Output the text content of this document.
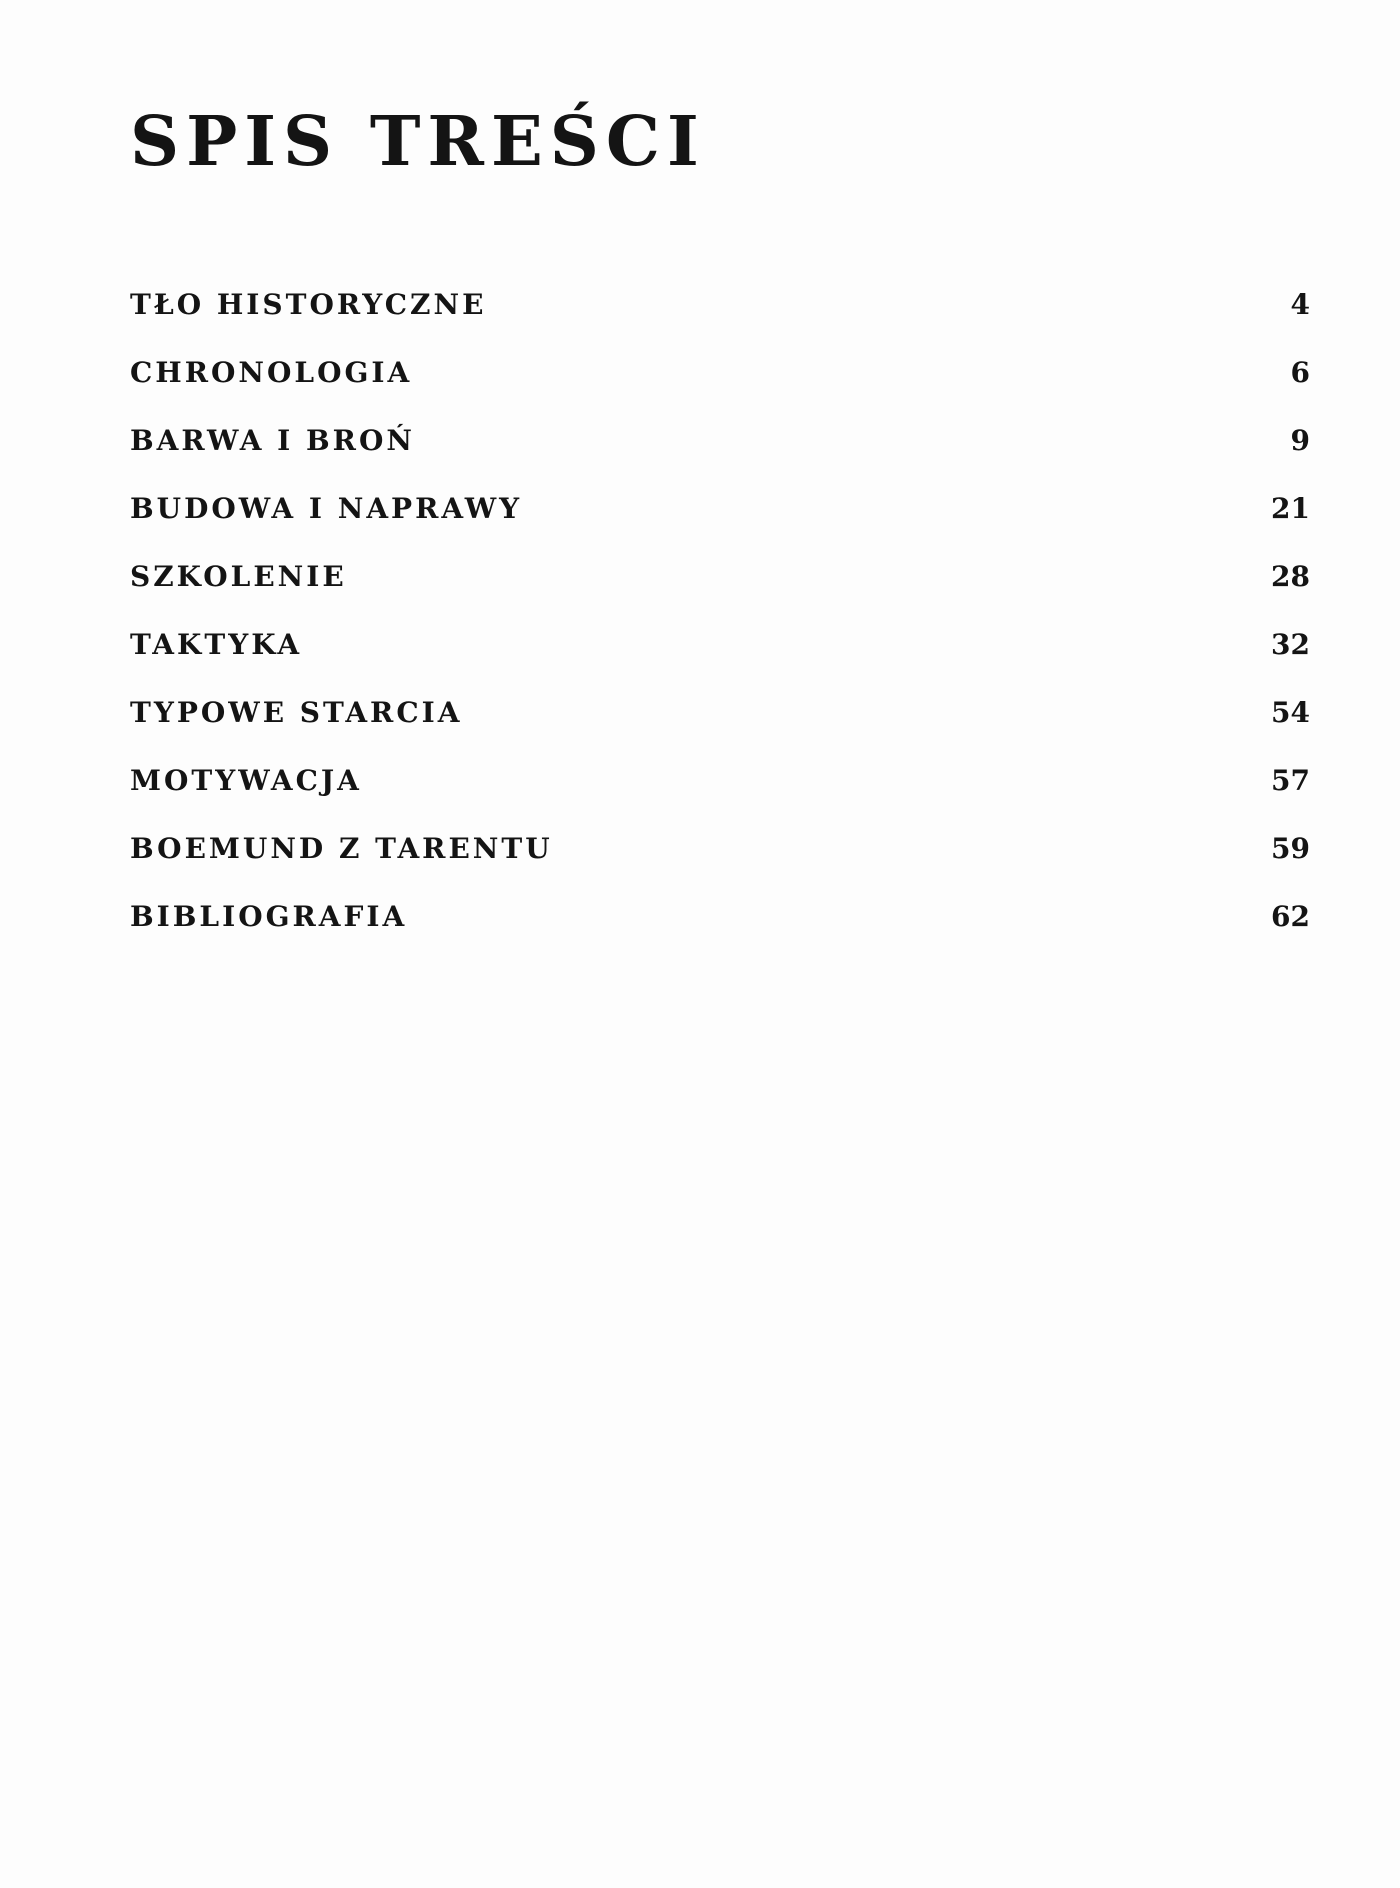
SPIS TREŚCI
TŁO HISTORYCZNE	4
CHRONOLOGIA	6
BARWA I BROŃ	9
BUDOWA I NAPRAWY	21
SZKOLENIE	28
TAKTYKA	32
TYPOWE STARCIA	54
MOTYWACJA	57
BOEMUND Z TARENTU	59
BIBLIOGRAFIA	62
